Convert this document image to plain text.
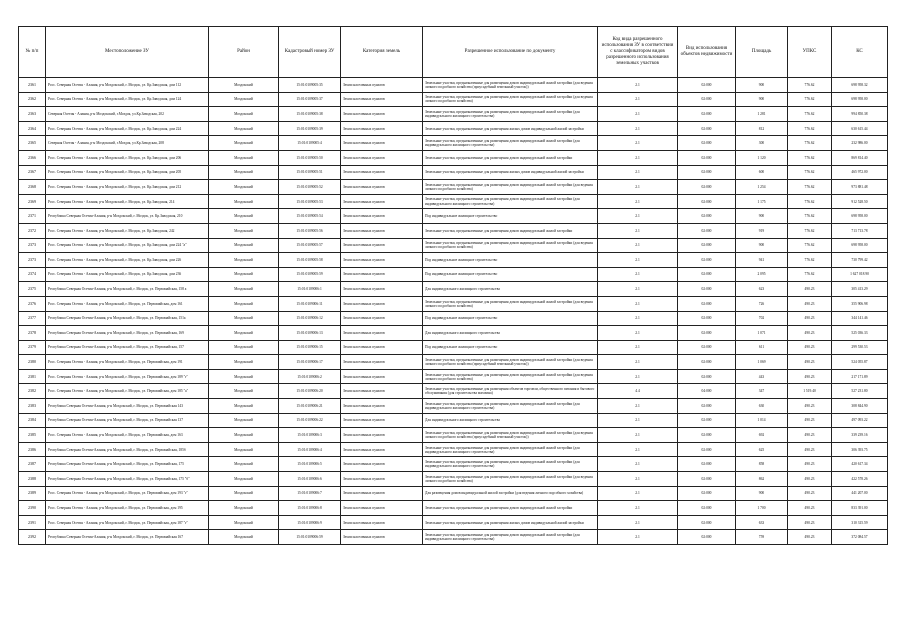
№ п/п	Местоположение ЗУ	Район	Кадастровый номер ЗУ	Категория земель	Разрешенное использование по документу	Код вида разрешенного использования ЗУ в соответствии с классификатором видов разрешенного использования земельных участков	Вид использования объектов недвижимости	Площадь	УПКС	КС

2361	Росс. Северная Осетия - Алания, р-н Моздокский, г. Моздок, ул. Кр.Заводская, дом 112	Моздокский	15:01:0109005:35	Земли населенных пунктов	Земельные участки, предназначенные для размещения домов индивидуальной жилой застройки (для ведения личного подсобного хозяйства (приусадебный земельный участок))	2.1	02:000	900	776.62	698 958.32

2362	Росс. Северная Осетия - Алания, р-н Моздокский, г. Моздок, ул. Кр.Заводская, дом 124	Моздокский	15:01:0109005:37	Земли населенных пунктов	Земельные участки, предназначенные для размещения домов индивидуальной жилой застройки (для ведения личного подсобного хозяйства)	2.1	02:000	900	776.62	698 958.00

2363	Северная Осетия - Алания, р-н Моздокский, г.Моздок, ул.Кр.Заводская, 202	Моздокский	15:01:0109005:38	Земли населенных пунктов	Земельные участки, предназначенные для размещения домов индивидуальной жилой застройки (для индивидуального жилищного строительства)	2.1	02:000	1 281	776.62	994 850.38

2364	Росс. Северная Осетия - Алания, р-н Моздокский, г. Моздок, ул. Кр.Заводская, дом 224	Моздокский	15:01:0109005:39	Земли населенных пунктов	Земельные участки, предназначенные для размещения жилых домов индивидуальной жилой застройки	2.1	02:000	812	776.62	630 615.44

2365	Северная Осетия - Алания, р-н Моздокский, г.Моздок, ул.Кр.Заводская, 208	Моздокский	15:01:0109005:4	Земли населенных пунктов	Земельные участки, предназначенные для размещения домов индивидуальной жилой застройки (для индивидуального жилищного строительства)	2.1	02:000	300	776.62	232 986.00

2366	Росс. Северная Осетия - Алания, р-н Моздокский, г. Моздок, ул. Кр.Заводская, дом 206	Моздокский	15:01:0109005:50	Земли населенных пунктов	Земельные участки, предназначенные для размещения домов индивидуальной жилой застройки	2.1	02:000	1 120	776.62	869 814.40

2367	Росс. Северная Осетия - Алания, р-н Моздокский, г. Моздок, ул. Кр.Заводская, дом 205	Моздокский	15:01:0109005:51	Земли населенных пунктов	Земельные участки, предназначенные для размещения жилых домов индивидуальной жилой застройки	2.1	02:000	600	776.62	465 972.00

2368	Росс. Северная Осетия - Алания, р-н Моздокский, г. Моздок, ул. Кр.Заводская, дом 212	Моздокский	15:01:0109005:52	Земли населенных пунктов	Земельные участки, предназначенные для размещения домов индивидуальной жилой застройки (для ведения личного подсобного хозяйства)	2.1	02:000	1 254	776.62	973 881.48

2369	Росс. Северная Осетия - Алания, р-н Моздокский, г. Моздок, ул. Кр.Заводская, 214	Моздокский	15:01:0109005:53	Земли населенных пунктов	Земельные участки, предназначенные для размещения домов индивидуальной жилой застройки (для индивидуального жилищного строительства)	2.1	02:000	1 175	776.62	912 528.50

2371	Республика Северная Осетия-Алания, р-н Моздокский, г. Моздок, ул. Кр.Заводская, 210	Моздокский	15:01:0109005:54	Земли населенных пунктов	Под индивидуальное жилищное строительство	2.1	02:000	900	776.62	698 958.00

2372	Росс. Северная Осетия - Алания, р-н Моздокский, г. Моздок, ул. Кр.Заводская, 242	Моздокский	15:01:0109005:56	Земли населенных пунктов	Земельные участки, предназначенные для размещения домов индивидуальной жилой застройки	2.1	02:000	919	776.62	713 713.78

2373	Росс. Северная Осетия - Алания, р-н Моздокский, г. Моздок, ул. Кр.Заводская, дом 224 "а"	Моздокский	15:01:0109005:57	Земли населенных пунктов	Земельные участки, предназначенные для размещения домов индивидуальной жилой застройки (для ведения личного подсобного хозяйства)	2.1	02:000	900	776.62	698 958.00

2373	Росс. Северная Осетия - Алания, р-н Моздокский, г. Моздок, ул. Кр.Заводская, дом 226	Моздокский	15:01:0109005:58	Земли населенных пунктов	Под индивидуальное жилищное строительство	2.1	02:000	941	776.62	730 799.42

2374	Росс. Северная Осетия - Алания, р-н Моздокский, г. Моздок, ул. Кр.Заводская, дом 236	Моздокский	15:01:0109005:59	Земли населенных пунктов	Под индивидуальное жилищное строительство	2.1	02:000	2 095	776.62	1 627 018.90

2375	Республика Северная Осетия-Алания, р-н Моздокский, г. Моздок, ул. Первомайская, 158 а	Моздокский	15:01:0109006:1	Земли населенных пунктов	Для индивидуального жилищного строительства	2.1	02:000	623	490.23	305 413.29

2376	Росс. Северная Осетия - Алания, р-н Моздокский, г. Моздок, ул. Первомайская, дом 161	Моздокский	15:01:0109006:11	Земли населенных пунктов	Земельные участки, предназначенные для размещения домов индивидуальной жилой застройки (для ведения личного подсобного хозяйства)	2.1	02:000	726	490.23	355 906.98

2377	Республика Северная Осетия-Алания, р-н Моздокский, г. Моздок, ул. Первомайская, 151а	Моздокский	15:01:0109006:12	Земли населенных пунктов	Под индивидуальное жилищное строительство	2.1	02:000	702	490.23	344 141.46

2378	Республика Северная Осетия-Алания, р-н Моздокский, г. Моздок, ул. Первомайская, 169	Моздокский	15:01:0109006:13	Земли населенных пунктов	Для индивидуального жилищного строительства	2.1	02:000	1 071	490.23	525 036.33

2379	Республика Северная Осетия-Алания, р-н Моздокский, г. Моздок, ул. Первомайская, 157	Моздокский	15:01:0109006:15	Земли населенных пунктов	Под индивидуальное жилищное строительство	2.1	02:000	611	490.23	299 530.53

2380	Росс. Северная Осетия - Алания, р-н Моздокский, г. Моздок, ул. Первомайская, дом 191	Моздокский	15:01:0109006:17	Земли населенных пунктов	Земельные участки, предназначенные для размещения домов индивидуальной жилой застройки (для ведения личного подсобного хозяйства (приусадебный земельный участок))	2.1	02:000	1 069	490.23	524 055.87

2381	Росс. Северная Осетия - Алания, р-н Моздокский, г. Моздок, ул. Первомайская, дом 189 "г"	Моздокский	15:01:0109006:2	Земли населенных пунктов	Земельные участки, предназначенные для размещения домов индивидуальной жилой застройки (для ведения личного подсобного хозяйства)	2.1	02:000	443	490.23	217 171.89

2382	Росс. Северная Осетия - Алания, р-н Моздокский, г. Моздок, ул. Первомайская, дом 185 "а"	Моздокский	15:01:0109006:20	Земли населенных пунктов	Земельные участки, предназначенные для размещения объектов торговли, общественного питания и бытового обслуживания (для строительства магазина)	4.4	04:000	347	1 519.40	527 231.80

2383	Республика Северная Осетия-Алания, р-н Моздокский, г. Моздок, ул. Первомайская 143	Моздокский	15:01:0109006:21	Земли населенных пунктов	Земельные участки, предназначенные для размещения домов индивидуальной жилой застройки (для индивидуального жилищного строительства)	2.1	02:000	630	490.23	308 844.90

2384	Республика Северная Осетия-Алания, р-н Моздокский, г. Моздок, ул. Первомайская 137	Моздокский	15:01:0109006:22	Земли населенных пунктов	Для индивидуального жилищного строительства	2.1	02:000	1 014	490.23	497 093.22

2385	Росс. Северная Осетия - Алания, р-н Моздокский, г. Моздок, ул. Первомайская, дом 163	Моздокский	15:01:0109006:3	Земли населенных пунктов	Земельные участки, предназначенные для размещения домов индивидуальной жилой застройки (для ведения личного подсобного хозяйства (приусадебный земельный участок))	2.1	02:000	692	490.23	339 239.16

2386	Республика Северная Осетия-Алания, р-н Моздокский, г. Моздок, ул. Первомайская, 185б	Моздокский	15:01:0109006:4	Земли населенных пунктов	Земельные участки, предназначенные для размещения домов индивидуальной жилой застройки (для индивидуального жилищного строительства)	2.1	02:000	625	490.23	306 393.75

2387	Республика Северная Осетия-Алания, р-н Моздокский, г. Моздок, ул. Первомайская, 175	Моздокский	15:01:0109006:5	Земли населенных пунктов	Земельные участки, предназначенные для размещения домов индивидуальной жилой застройки (для индивидуального жилищного строительства)	2.1	02:000	858	490.23	420 617.34

2388	Республика Северная Осетия-Алания, р-н Моздокский, г. Моздок, ул. Первомайская, 175 "б"	Моздокский	15:01:0109006:6	Земли населенных пунктов	Земельные участки, предназначенные для размещения домов индивидуальной жилой застройки (для ведения личного подсобного хозяйства)	2.1	02:000	862	490.23	422 578.26

2389	Росс. Северная Осетия - Алания, р-н Моздокский, г. Моздок, ул. Первомайская, дом 193 "г"	Моздокский	15:01:0109006:7	Земли населенных пунктов	Для размещения домов индивидуальной жилой застройки (для ведения личного подсобного хозяйства)	2.1	02:000	900	490.23	441 207.00

2390	Росс. Северная Осетия - Алания, р-н Моздокский, г. Моздок, ул. Первомайская, дом 195	Моздокский	15:01:0109006:8	Земли населенных пунктов	Земельные участки, предназначенные для размещения домов индивидуальной жилой застройки	2.1	02:000	1 700	490.23	833 391.00

2391	Росс. Северная Осетия - Алания, р-н Моздокский, г. Моздок, ул. Первомайская, дом 187 "г"	Моздокский	15:01:0109006:9	Земли населенных пунктов	Земельные участки, предназначенные для размещения жилых домов индивидуальной жилой застройки	2.1	02:000	633	490.23	310 315.59

2392	Республика Северная Осетия-Алания, р-н Моздокский, г. Моздок, ул. Первомайская 167	Моздокский	15:01:0109006:59	Земли населенных пунктов	Земельные участки, предназначенные для размещения домов индивидуальной жилой застройки (для индивидуального жилищного строительства)	2.1	02:000	759	490.23	372 084.57
